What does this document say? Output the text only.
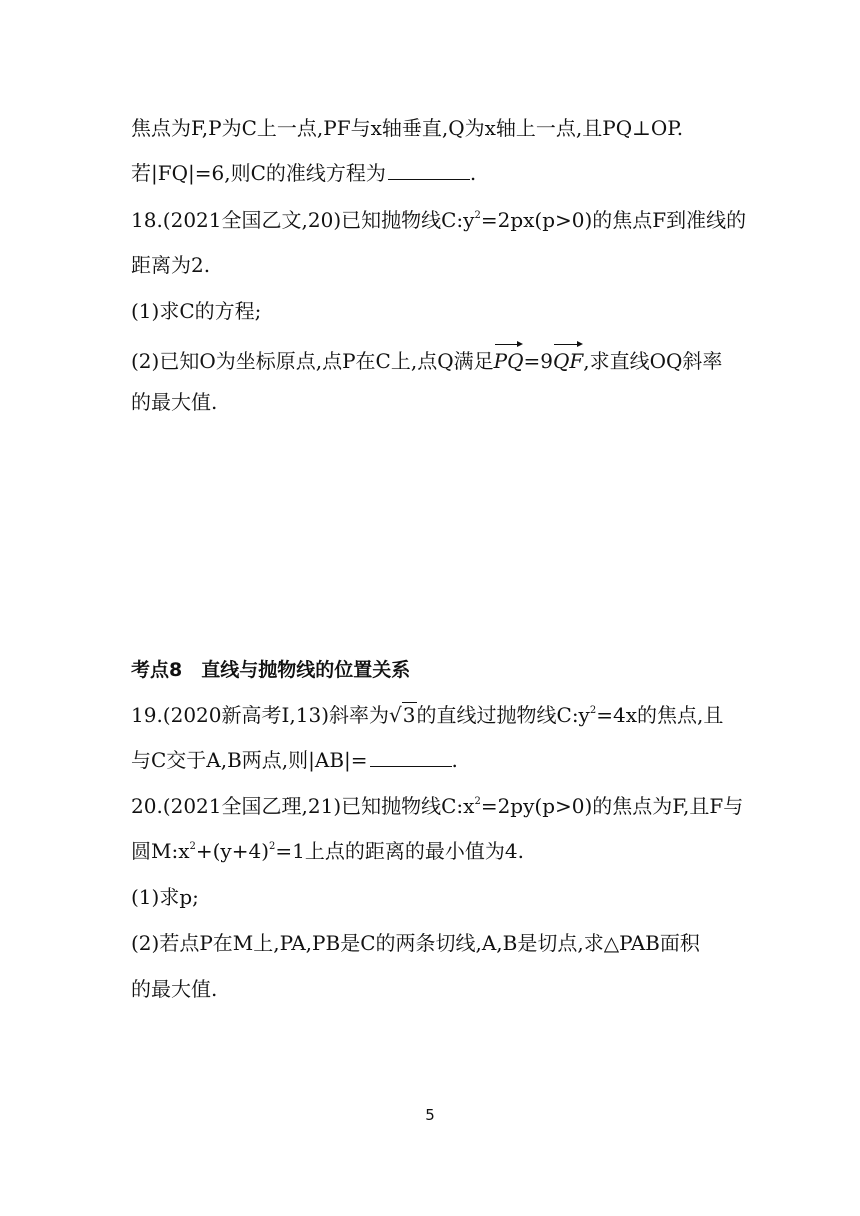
焦点为F,P为C上一点,PF与x轴垂直,Q为x轴上一点,且PQ⊥OP.

若|FQ|=6,则C的准线方程为	.

18.(2021全国乙文,20)已知抛物线$C:y^2=2px(p>0)$的焦点F到准线的

距离为2.

(1)求C的方程;

(2)已知O为坐标原点,点P在C上,点Q满足PQ=9QF,求直线OQ斜率

的最大值.

考点8　直线与抛物线的位置关系

19.(2020新高考Ⅰ,13)斜率为√3的直线过抛物线$C:y^2=4x$的焦点,且

与C交于A,B两点,则|AB|=	.

20.(2021全国乙理,21)已知抛物线$C:x^2=2py(p>0)$的焦点为F,且F与

圆$M:x^2+(y+4)^2=1$上点的距离的最小值为4.

(1)求p;

(2)若点P在M上,PA,PB是C的两条切线,A,B是切点,求△PAB面积

的最大值.

5
